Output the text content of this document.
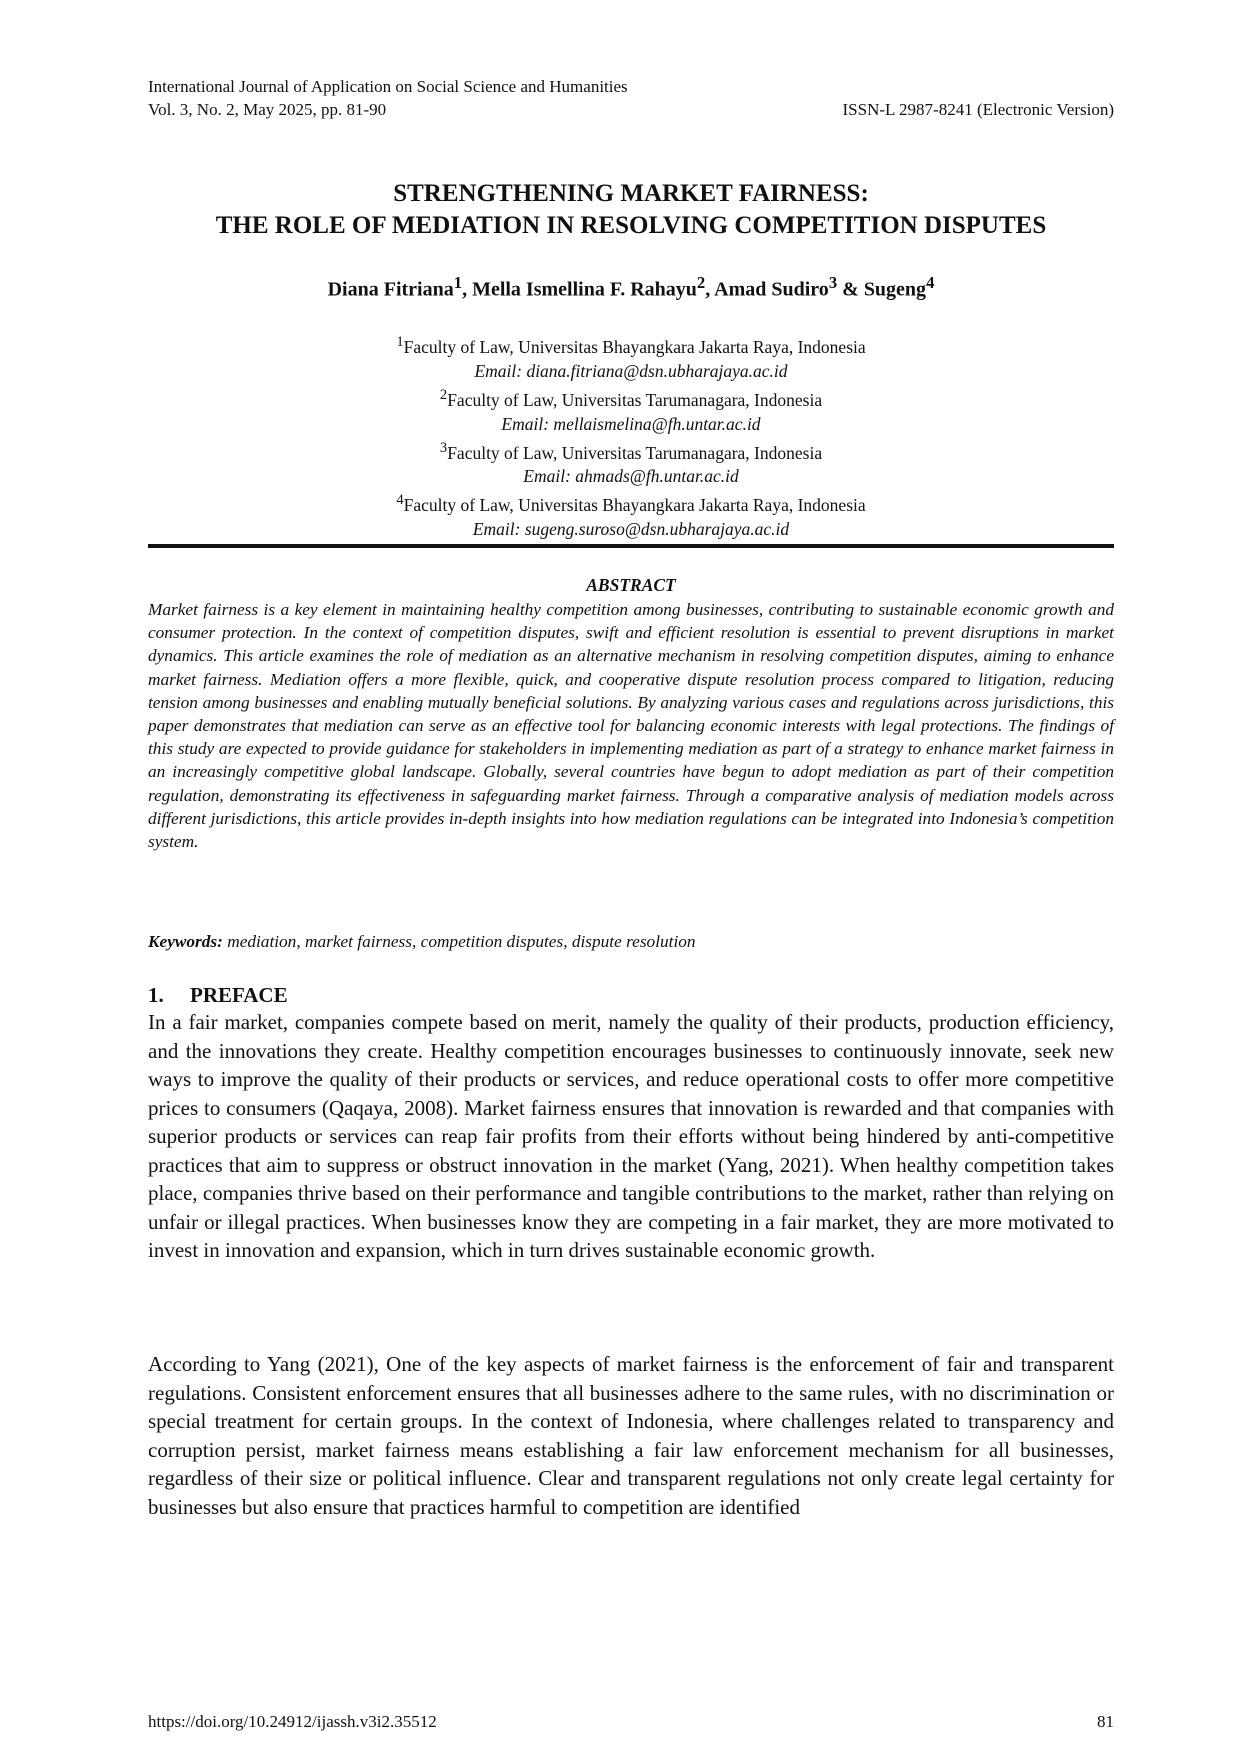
International Journal of Application on Social Science and Humanities
Vol. 3, No. 2, May 2025, pp. 81-90	ISSN-L 2987-8241 (Electronic Version)
STRENGTHENING MARKET FAIRNESS:
THE ROLE OF MEDIATION IN RESOLVING COMPETITION DISPUTES
Diana Fitriana$^1$, Mella Ismellina F. Rahayu$^2$, Amad Sudiro$^3$ & Sugeng$^4$
$^1$Faculty of Law, Universitas Bhayangkara Jakarta Raya, Indonesia
Email: diana.fitriana@dsn.ubharajaya.ac.id
$^2$Faculty of Law, Universitas Tarumanagara, Indonesia
Email: mellaismelina@fh.untar.ac.id
$^3$Faculty of Law, Universitas Tarumanagara, Indonesia
Email: ahmads@fh.untar.ac.id
$^4$Faculty of Law, Universitas Bhayangkara Jakarta Raya, Indonesia
Email: sugeng.suroso@dsn.ubharajaya.ac.id
ABSTRACT
Market fairness is a key element in maintaining healthy competition among businesses, contributing to sustainable economic growth and consumer protection. In the context of competition disputes, swift and efficient resolution is essential to prevent disruptions in market dynamics. This article examines the role of mediation as an alternative mechanism in resolving competition disputes, aiming to enhance market fairness. Mediation offers a more flexible, quick, and cooperative dispute resolution process compared to litigation, reducing tension among businesses and enabling mutually beneficial solutions. By analyzing various cases and regulations across jurisdictions, this paper demonstrates that mediation can serve as an effective tool for balancing economic interests with legal protections. The findings of this study are expected to provide guidance for stakeholders in implementing mediation as part of a strategy to enhance market fairness in an increasingly competitive global landscape. Globally, several countries have begun to adopt mediation as part of their competition regulation, demonstrating its effectiveness in safeguarding market fairness. Through a comparative analysis of mediation models across different jurisdictions, this article provides in-depth insights into how mediation regulations can be integrated into Indonesia’s competition system.
Keywords: mediation, market fairness, competition disputes, dispute resolution
1. PREFACE
In a fair market, companies compete based on merit, namely the quality of their products, production efficiency, and the innovations they create. Healthy competition encourages businesses to continuously innovate, seek new ways to improve the quality of their products or services, and reduce operational costs to offer more competitive prices to consumers (Qaqaya, 2008). Market fairness ensures that innovation is rewarded and that companies with superior products or services can reap fair profits from their efforts without being hindered by anti-competitive practices that aim to suppress or obstruct innovation in the market (Yang, 2021). When healthy competition takes place, companies thrive based on their performance and tangible contributions to the market, rather than relying on unfair or illegal practices. When businesses know they are competing in a fair market, they are more motivated to invest in innovation and expansion, which in turn drives sustainable economic growth.
According to Yang (2021), One of the key aspects of market fairness is the enforcement of fair and transparent regulations. Consistent enforcement ensures that all businesses adhere to the same rules, with no discrimination or special treatment for certain groups. In the context of Indonesia, where challenges related to transparency and corruption persist, market fairness means establishing a fair law enforcement mechanism for all businesses, regardless of their size or political influence. Clear and transparent regulations not only create legal certainty for businesses but also ensure that practices harmful to competition are identified
https://doi.org/10.24912/ijassh.v3i2.35512	81
